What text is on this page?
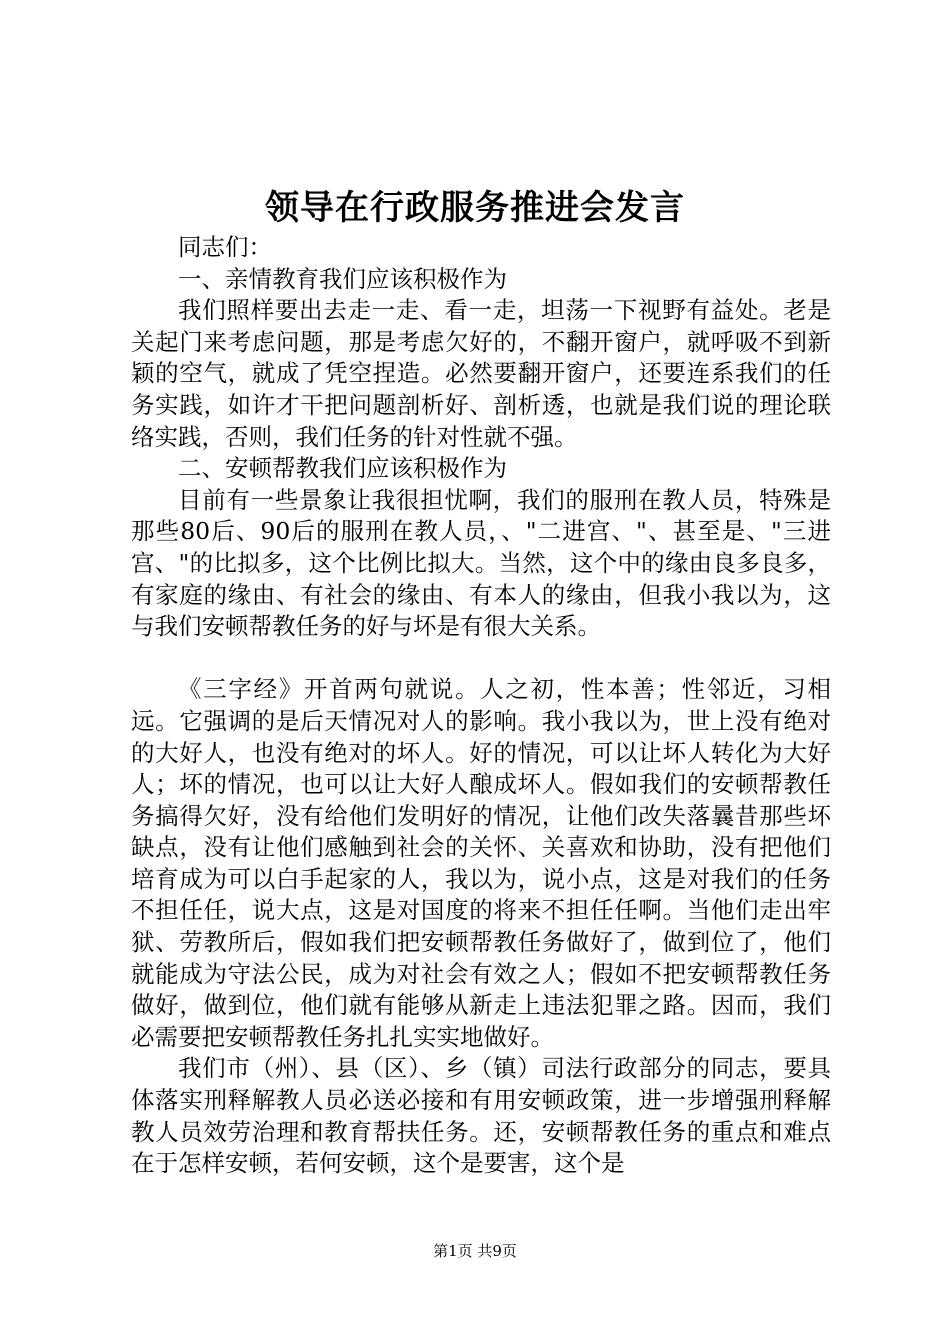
领导在行政服务推进会发言

同志们：

一、亲情教育我们应该积极作为

我们照样要出去走一走、看一走，坦荡一下视野有益处。老是关起门来考虑问题，那是考虑欠好的，不翻开窗户，就呼吸不到新颖的空气，就成了凭空捏造。必然要翻开窗户，还要连系我们的任务实践，如许才干把问题剖析好、剖析透，也就是我们说的理论联络实践，否则，我们任务的针对性就不强。

二、安顿帮教我们应该积极作为

目前有一些景象让我很担忧啊，我们的服刑在教人员，特殊是那些80后、90后的服刑在教人员，、"二进宫、"、甚至是、"三进宫、"的比拟多，这个比例比拟大。当然，这个中的缘由良多良多，有家庭的缘由、有社会的缘由、有本人的缘由，但我小我以为，这与我们安顿帮教任务的好与坏是有很大关系。

《三字经》开首两句就说。人之初，性本善；性邻近，习相远。它强调的是后天情况对人的影响。我小我以为，世上没有绝对的大好人，也没有绝对的坏人。好的情况，可以让坏人转化为大好人；坏的情况，也可以让大好人酿成坏人。假如我们的安顿帮教任务搞得欠好，没有给他们发明好的情况，让他们改失落曩昔那些坏缺点，没有让他们感触到社会的关怀、关喜欢和协助，没有把他们培育成为可以白手起家的人，我以为，说小点，这是对我们的任务不担任任，说大点，这是对国度的将来不担任任啊。当他们走出牢狱、劳教所后，假如我们把安顿帮教任务做好了，做到位了，他们就能成为守法公民，成为对社会有效之人；假如不把安顿帮教任务做好，做到位，他们就有能够从新走上违法犯罪之路。因而，我们必需要把安顿帮教任务扎扎实实地做好。

我们市（州）、县（区）、乡（镇）司法行政部分的同志，要具体落实刑释解教人员必送必接和有用安顿政策，进一步增强刑释解教人员效劳治理和教育帮扶任务。还，安顿帮教任务的重点和难点在于怎样安顿，若何安顿，这个是要害，这个是

第1页 共9页
